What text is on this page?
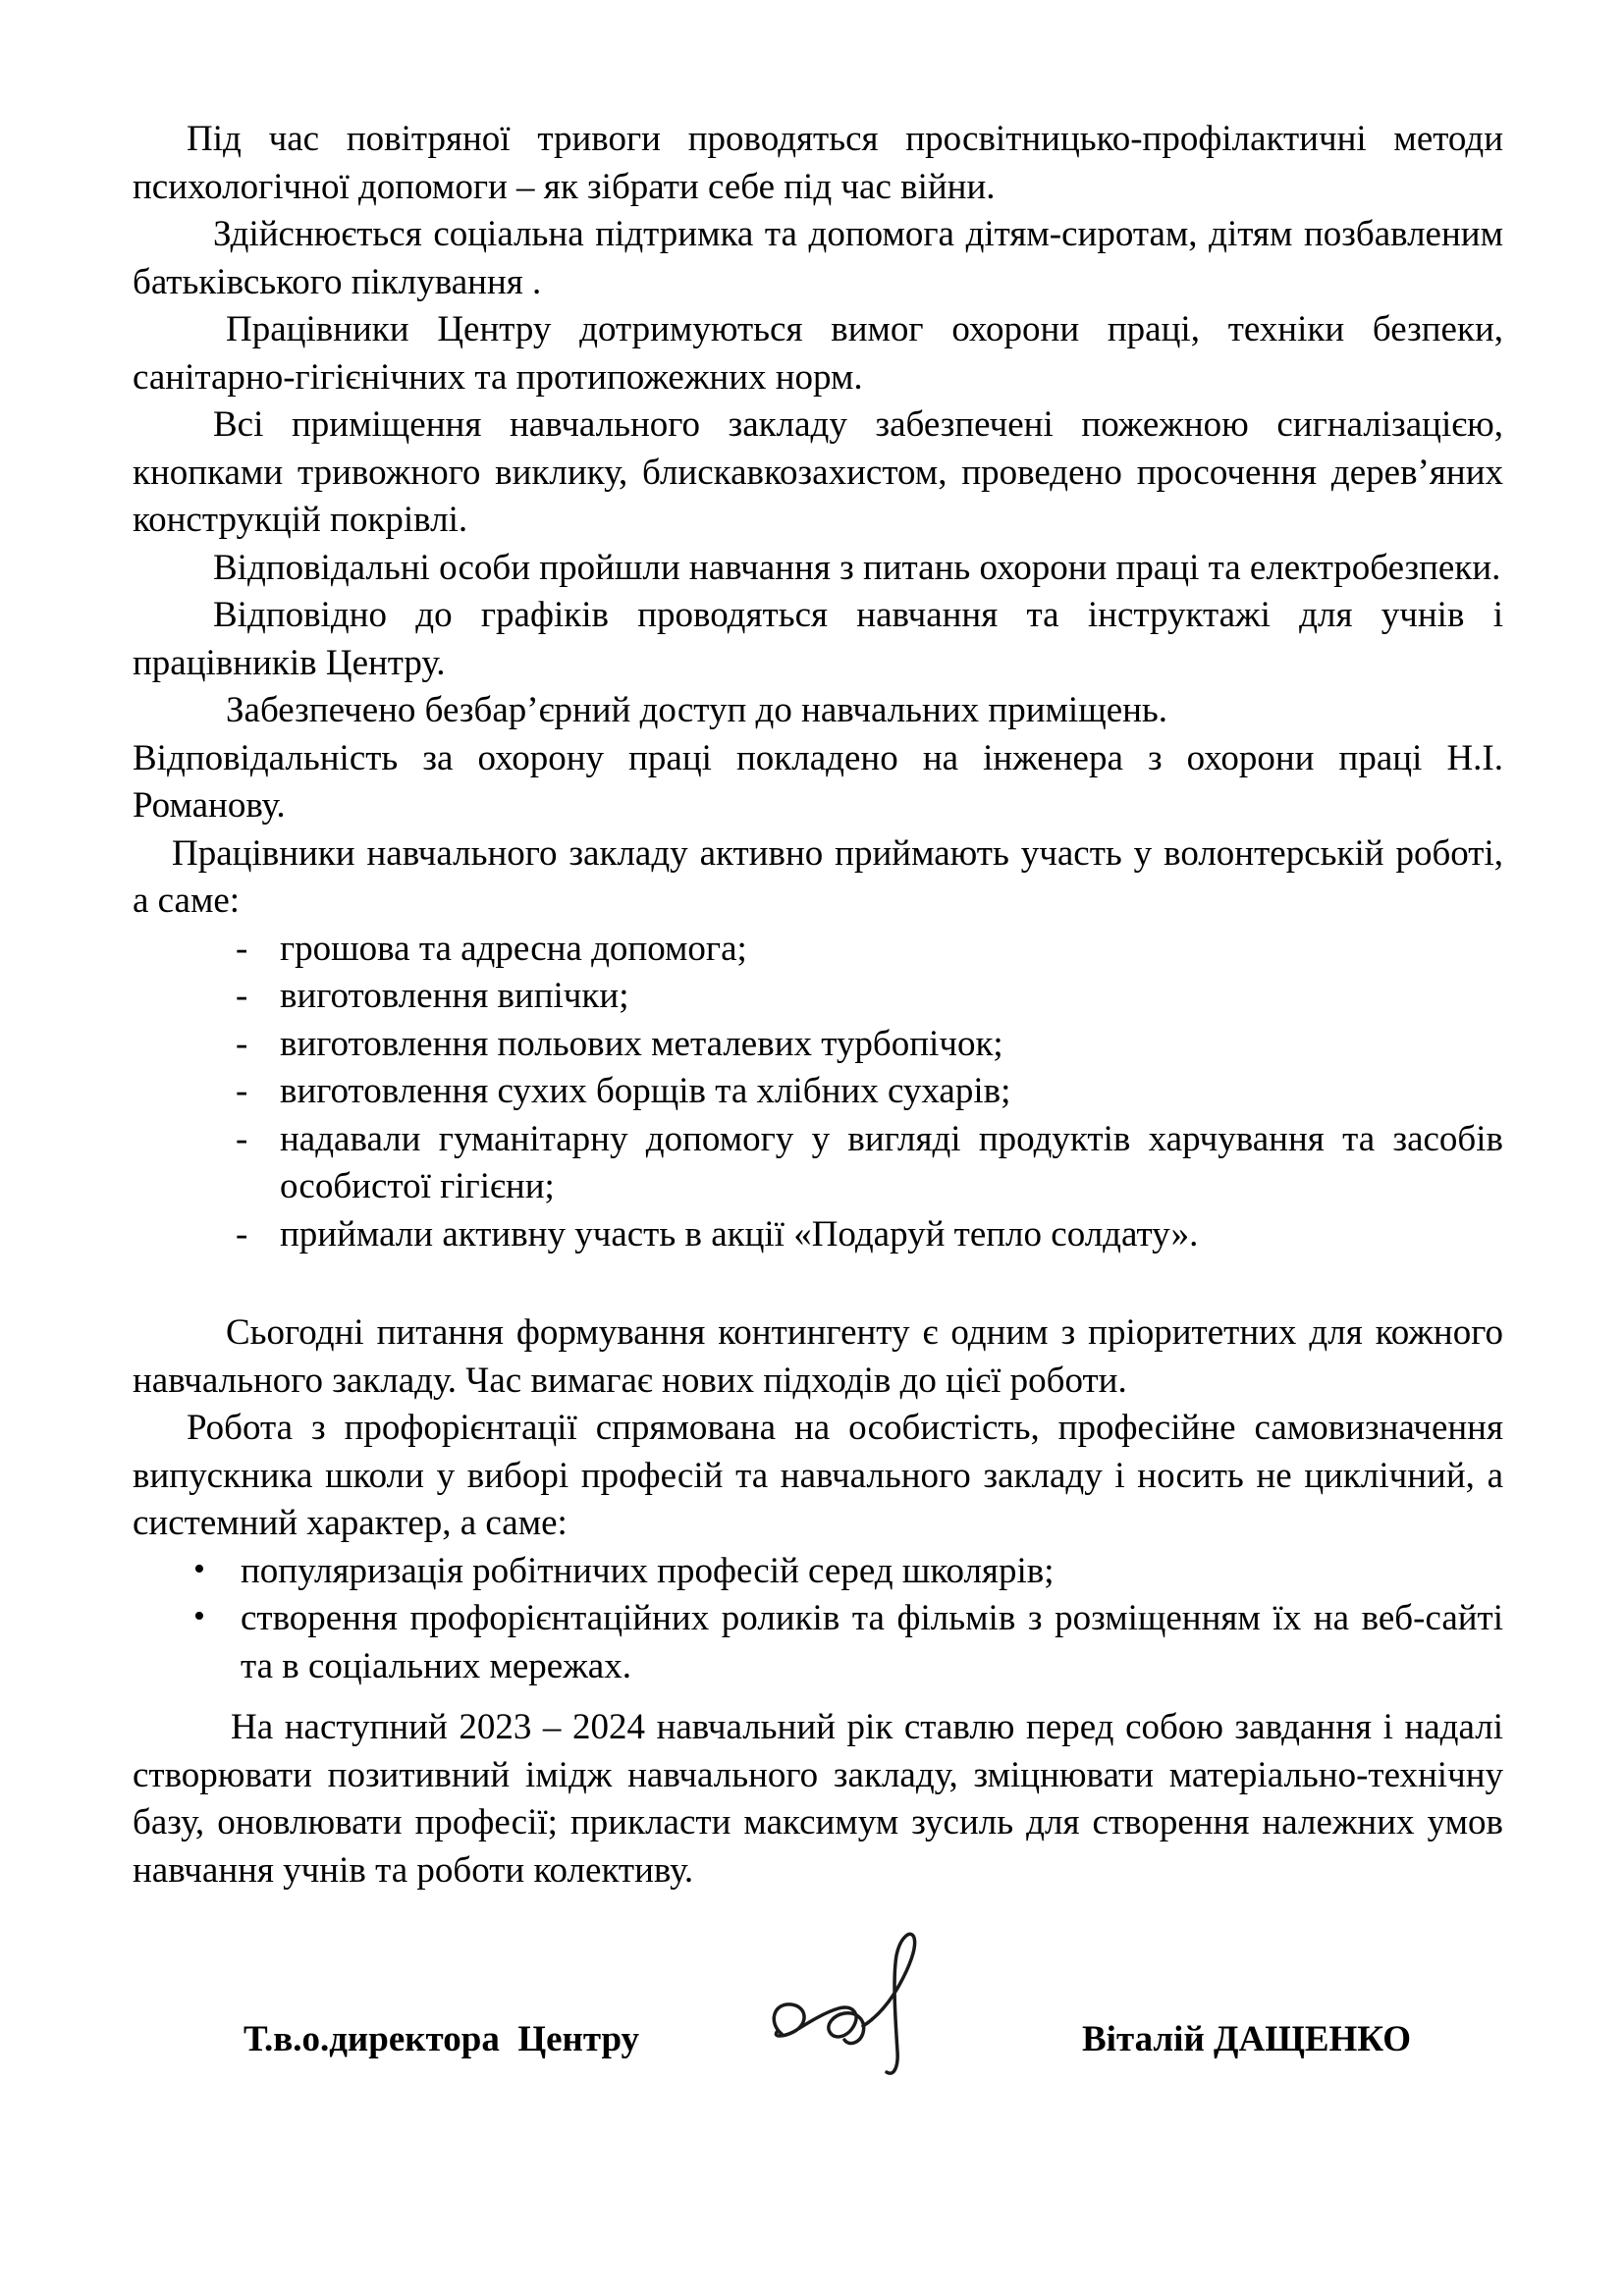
Під час повітряної тривоги проводяться просвітницько-профілактичні методи психологічної допомоги – як зібрати себе під час війни.

Здійснюється соціальна підтримка та допомога дітям-сиротам, дітям позбавленим батьківського піклування .

Працівники Центру дотримуються вимог охорони праці, техніки безпеки, санітарно-гігієнічних та протипожежних норм.

Всі приміщення навчального закладу забезпечені пожежною сигналізацією, кнопками тривожного виклику, блискавкозахистом, проведено просочення дерев’яних конструкцій покрівлі.

Відповідальні особи пройшли навчання з питань охорони праці та електробезпеки.

Відповідно до графіків проводяться навчання та інструктажі для учнів і працівників Центру.

Забезпечено безбар’єрний доступ до навчальних приміщень.

Відповідальність за охорону праці покладено на інженера з охорони праці Н.І. Романову.

Працівники навчального закладу активно приймають участь у волонтерській роботі, а саме:

- грошова та адресна допомога;
- виготовлення випічки;
- виготовлення польових металевих турбопічок;
- виготовлення сухих борщів та хлібних сухарів;
- надавали гуманітарну допомогу у вигляді продуктів харчування та засобів особистої гігієни;
- приймали активну участь в акції «Подаруй тепло солдату».

Сьогодні питання формування контингенту є одним з пріоритетних для кожного навчального закладу. Час вимагає нових підходів до цієї роботи.

Робота з профорієнтації спрямована на особистість, професійне самовизначення випускника школи у виборі професій та навчального закладу і носить не циклічний, а системний характер, а саме:

• популяризація робітничих професій серед школярів;
• створення профорієнтаційних роликів та фільмів з розміщенням їх на веб-сайті та в соціальних мережах.

На наступний 2023 – 2024 навчальний рік ставлю перед собою завдання і надалі створювати позитивний імідж навчального закладу, зміцнювати матеріально-технічну базу, оновлювати професії; прикласти максимум зусиль для створення належних умов навчання учнів та роботи колективу.

Т.в.о.директора  Центру	Віталій ДАЩЕНКО
